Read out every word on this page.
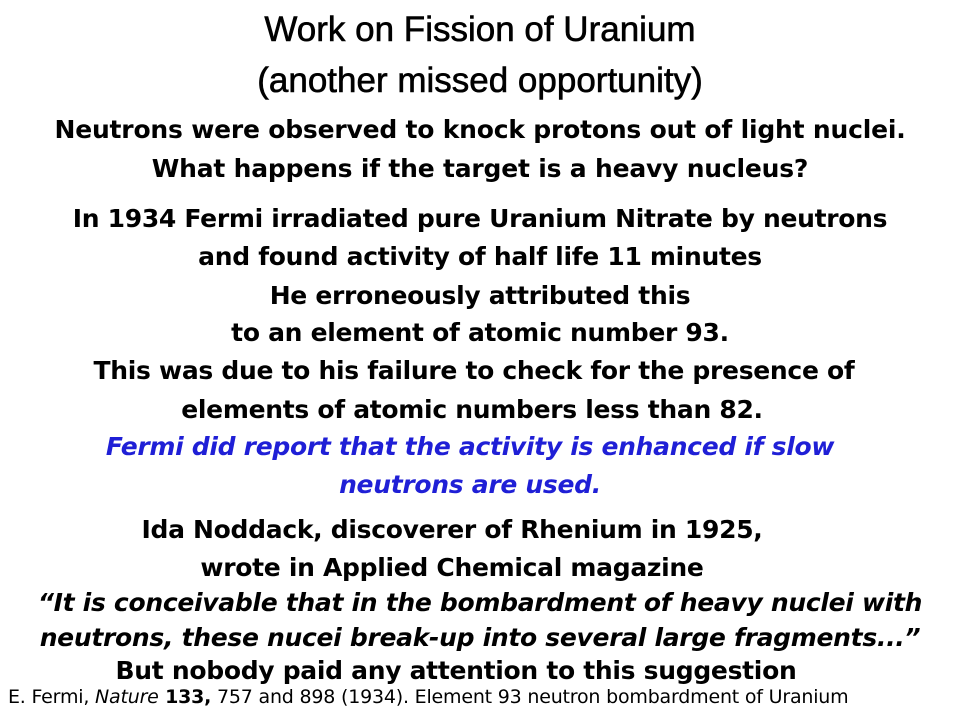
Work on Fission of Uranium
(another missed opportunity)
Neutrons were observed to knock protons out of light nuclei.
What happens if the target is a heavy nucleus?
In 1934 Fermi irradiated pure Uranium Nitrate by neutrons
and found activity of half life 11 minutes
He erroneously attributed this
to an element of atomic number 93.
This was due to his failure to check for the presence of
elements of atomic numbers less than 82.
Fermi did report that the activity is enhanced if slow
neutrons are used.
Ida Noddack, discoverer of Rhenium in 1925,
wrote in Applied Chemical magazine
“It is conceivable that in the bombardment of heavy nuclei with
neutrons, these nucei break-up into several large fragments...”
But nobody paid any attention to this suggestion
E. Fermi, Nature 133, 757 and 898 (1934). Element 93 neutron bombardment of Uranium
